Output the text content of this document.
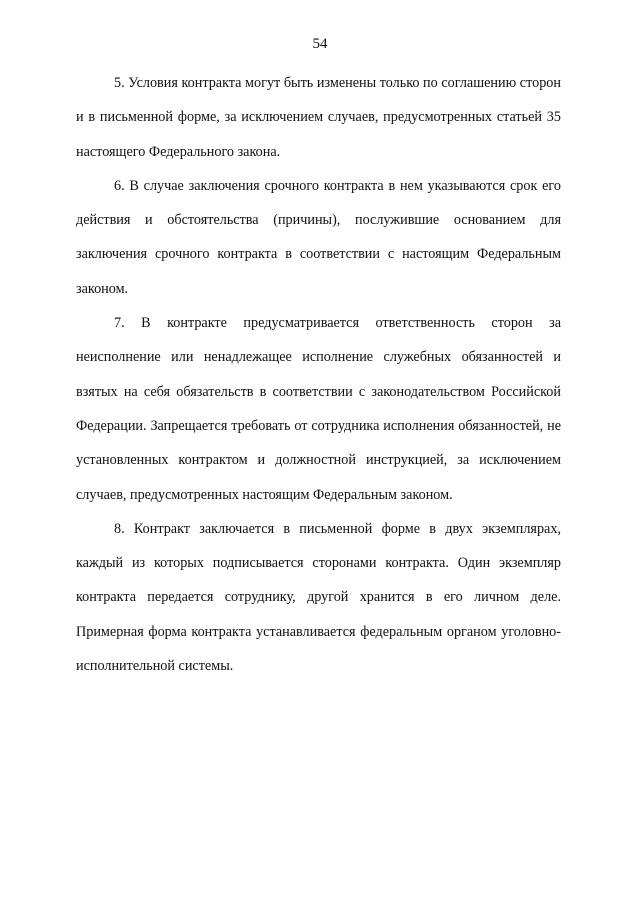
54

5. Условия контракта могут быть изменены только по соглашению сторон и в письменной форме, за исключением случаев, предусмотренных статьей 35 настоящего Федерального закона.

6. В случае заключения срочного контракта в нем указываются срок его действия и обстоятельства (причины), послужившие основанием для заключения срочного контракта в соответствии с настоящим Федеральным законом.

7. В контракте предусматривается ответственность сторон за неисполнение или ненадлежащее исполнение служебных обязанностей и взятых на себя обязательств в соответствии с законодательством Российской Федерации. Запрещается требовать от сотрудника исполнения обязанностей, не установленных контрактом и должностной инструкцией, за исключением случаев, предусмотренных настоящим Федеральным законом.

8. Контракт заключается в письменной форме в двух экземплярах, каждый из которых подписывается сторонами контракта. Один экземпляр контракта передается сотруднику, другой хранится в его личном деле. Примерная форма контракта устанавливается федеральным органом уголовно-исполнительной системы.
